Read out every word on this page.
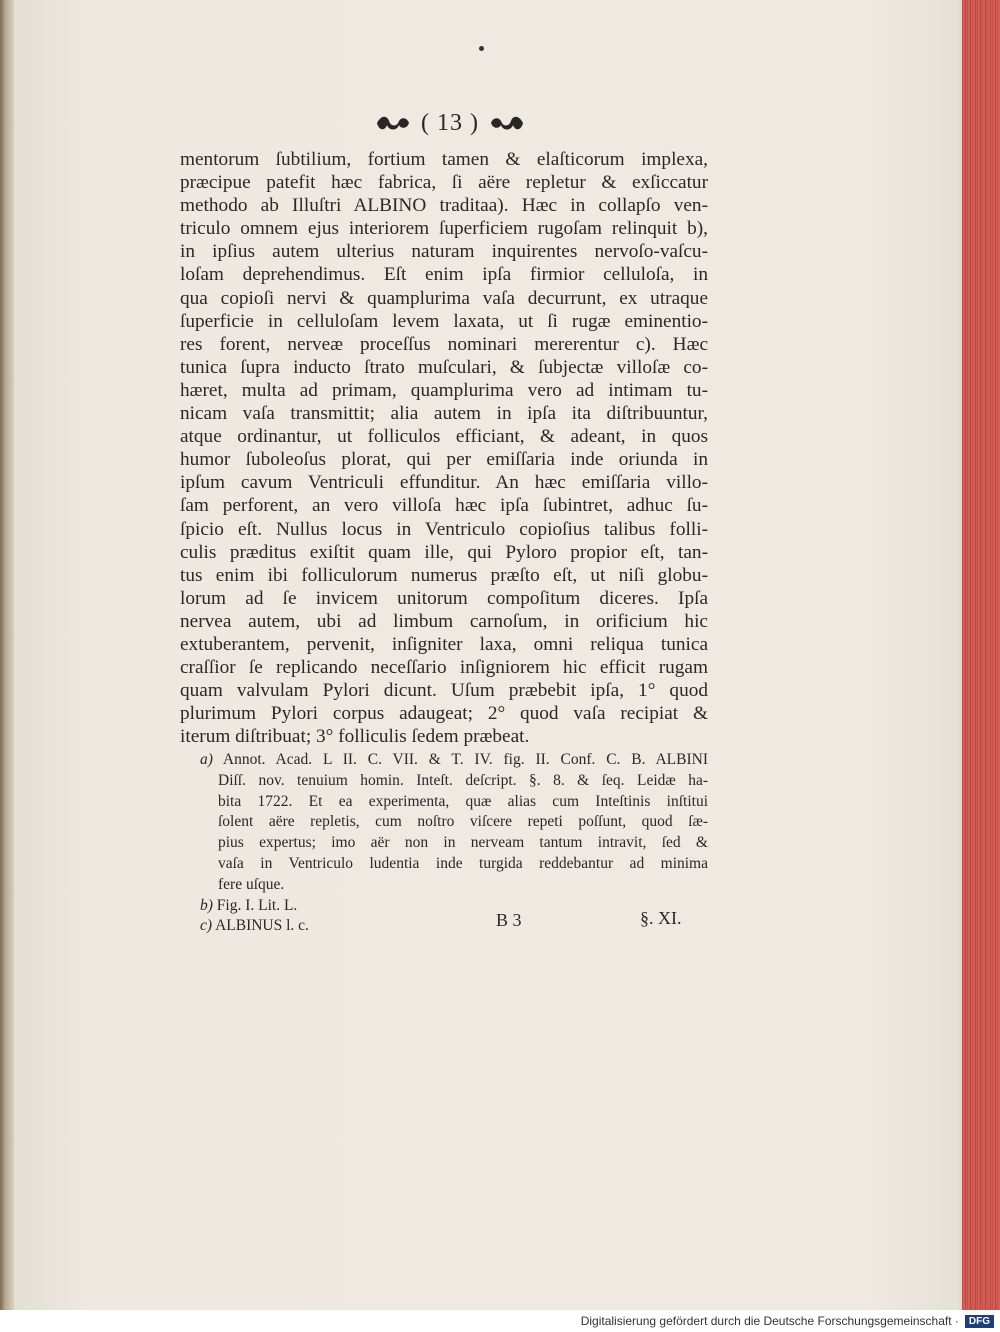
( 13 )
mentorum ſubtilium, fortium tamen & elaſticorum implexa,
præcipue patefit hæc fabrica, ſi aëre repletur & exſiccatur
methodo ab Illuſtri ALBINO traditaa). Hæc in collapſo ven-
triculo omnem ejus interiorem ſuperficiem rugoſam relinquit b),
in ipſius autem ulterius naturam inquirentes nervoſo-vaſcu-
loſam deprehendimus. Eſt enim ipſa firmior celluloſa, in
qua copioſi nervi & quamplurima vaſa decurrunt, ex utraque
ſuperficie in celluloſam levem laxata, ut ſi rugæ eminentio-
res forent, nerveæ proceſſus nominari mererentur c). Hæc
tunica ſupra inducto ſtrato muſculari, & ſubjectæ villoſæ co-
hæret, multa ad primam, quamplurima vero ad intimam tu-
nicam vaſa transmittit; alia autem in ipſa ita diſtribuuntur,
atque ordinantur, ut folliculos efficiant, & adeant, in quos
humor ſuboleoſus plorat, qui per emiſſaria inde oriunda in
ipſum cavum Ventriculi effunditur. An hæc emiſſaria villo-
ſam perforent, an vero villoſa hæc ipſa ſubintret, adhuc ſu-
ſpicio eſt. Nullus locus in Ventriculo copioſius talibus folli-
culis præditus exiſtit quam ille, qui Pyloro propior eſt, tan-
tus enim ibi folliculorum numerus præſto eſt, ut niſi globu-
lorum ad ſe invicem unitorum compoſitum diceres. Ipſa
nervea autem, ubi ad limbum carnoſum, in orificium hic
extuberantem, pervenit, inſigniter laxa, omni reliqua tunica
craſſior ſe replicando neceſſario inſigniorem hic efficit rugam
quam valvulam Pylori dicunt. Uſum præbebit ipſa, 1° quod
plurimum Pylori corpus adaugeat; 2° quod vaſa recipiat &
iterum diſtribuat; 3° folliculis ſedem præbeat.
a) Annot. Acad. L II. C. VII. & T. IV. fig. II. Conf. C. B. ALBINI
Diſſ. nov. tenuium homin. Inteſt. deſcript. §. 8. & ſeq. Leidæ ha-
bita 1722. Et ea experimenta, quæ alias cum Inteſtinis inſtitui
ſolent aëre repletis, cum noſtro viſcere repeti poſſunt, quod ſæ-
pius expertus; imo aër non in nerveam tantum intravit, ſed &
vaſa in Ventriculo ludentia inde turgida reddebantur ad minima
fere uſque.
b) Fig. I. Lit. L.
c) ALBINUS l. c.	B 3	§. XI.
Digitalisierung gefördert durch die Deutsche Forschungsgemeinschaft ·	DFG
